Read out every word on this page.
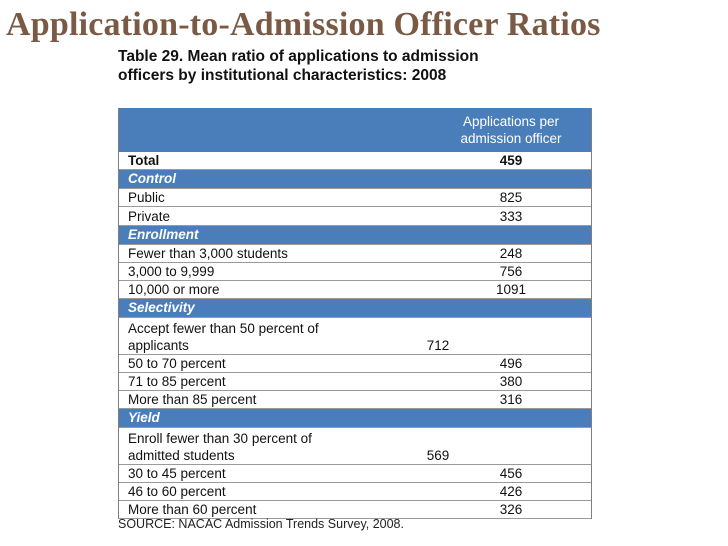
Application-to-Admission Officer Ratios
Table 29. Mean ratio of applications to admission
officers by institutional characteristics: 2008
Applications per
admission officer
Total	459
Control
Public	825
Private	333
Enrollment
Fewer than 3,000 students	248
3,000 to 9,999	756
10,000 or more	1091
Selectivity
Accept fewer than 50 percent of applicants	712
50 to 70 percent	496
71 to 85 percent	380
More than 85 percent	316
Yield
Enroll fewer than 30 percent of admitted students	569
30 to 45 percent	456
46 to 60 percent	426
More than 60 percent	326
SOURCE: NACAC Admission Trends Survey, 2008.
